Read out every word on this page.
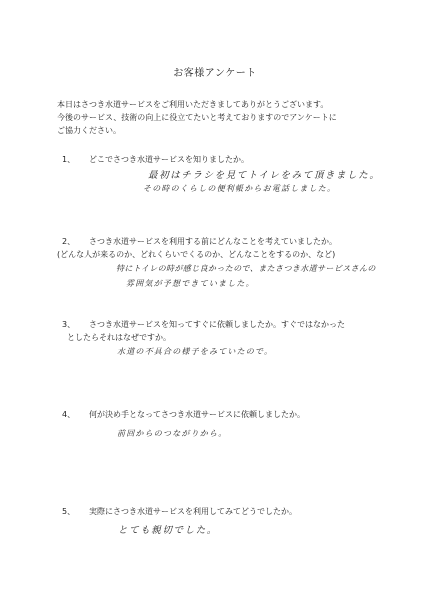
お客様アンケート
本日はさつき水道サービスをご利用いただきましてありがとうございます。
今後のサービス、技術の向上に役立てたいと考えておりますのでアンケートに
ご協力ください。
1、 どこでさつき水道サービスを知りましたか。
最初はチラシを見てトイレをみて頂きました。
その時のくらしの便利帳からお電話しました。
2、 さつき水道サービスを利用する前にどんなことを考えていましたか。
(どんな人が来るのか、どれくらいでくるのか、どんなことをするのか、など)
特にトイレの時が感じ良かったので、またさつき水道サービスさんの
雰囲気が予想できていました。
3、 さつき水道サービスを知ってすぐに依頼しましたか。すぐではなかった
としたらそれはなぜですか。
水道の不具合の様子をみていたので。
4、 何が決め手となってさつき水道サービスに依頼しましたか。
前回からのつながりから。
5、 実際にさつき水道サービスを利用してみてどうでしたか。
とても親切でした。
